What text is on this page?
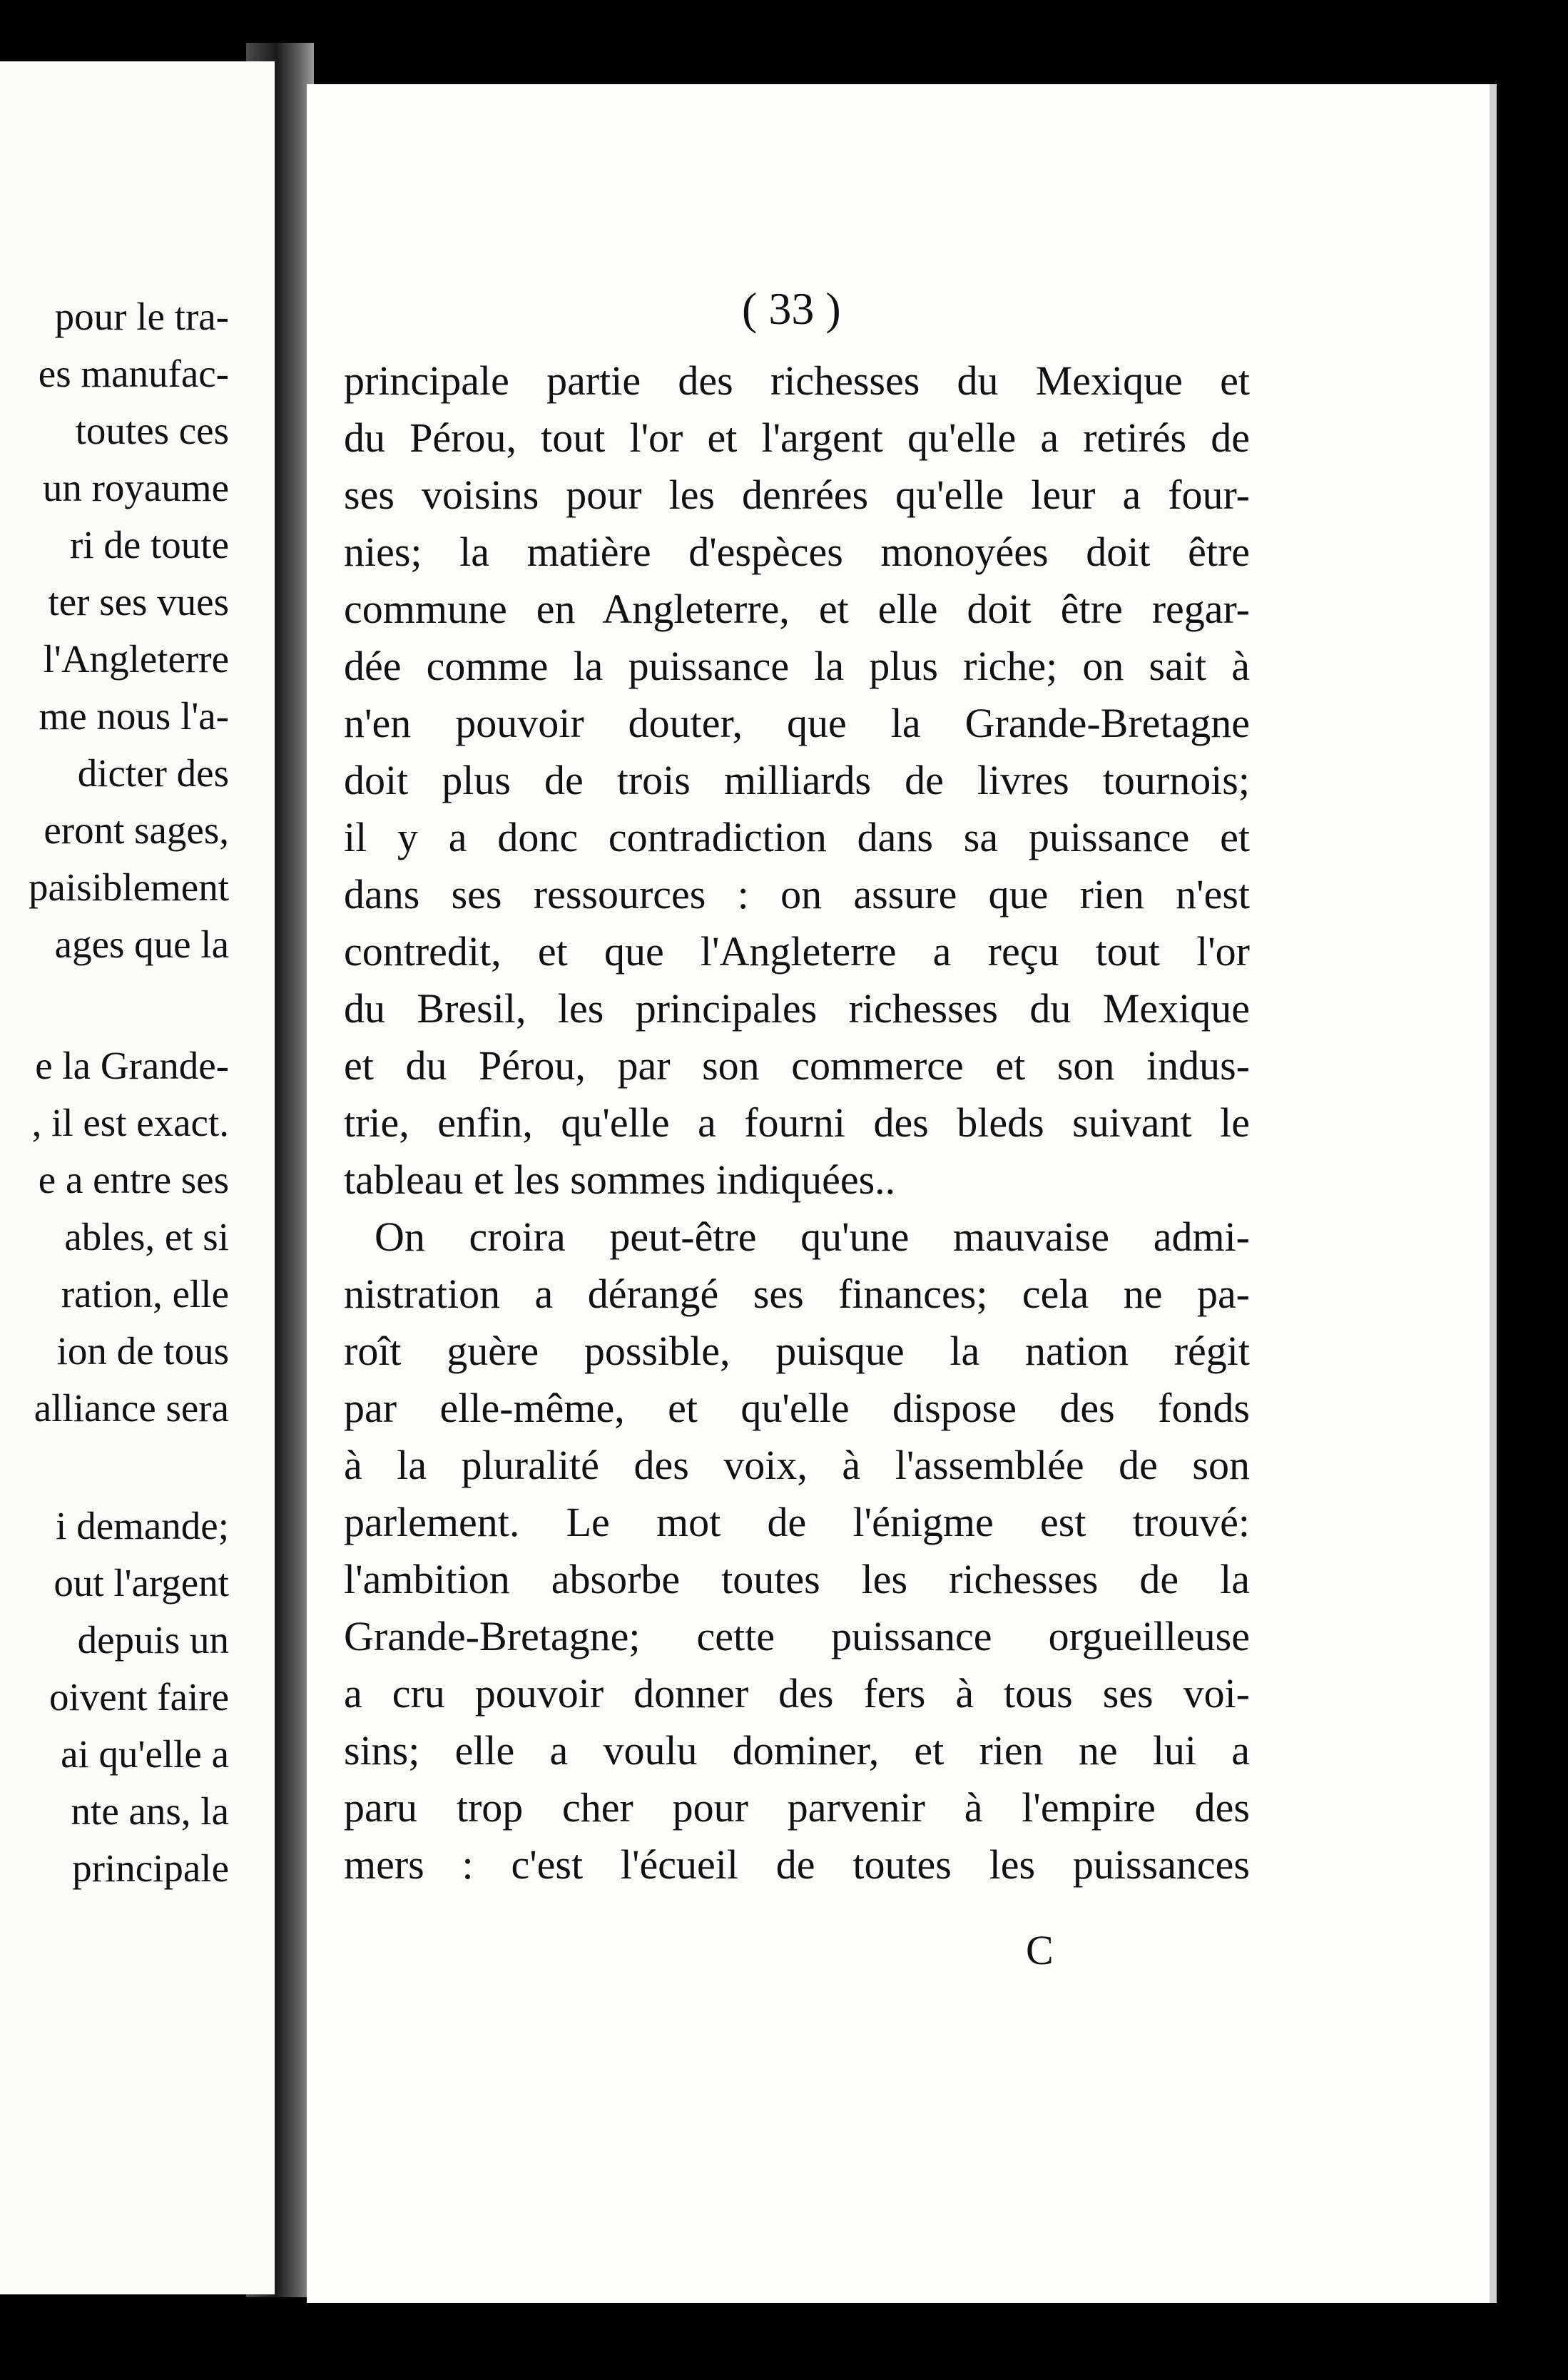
pour le tra-
es manufac-
toutes ces
un royaume
ri de toute
ter ses vues
l'Angleterre
me nous l'a-
dicter des
eront sages,
paisiblement
ages que la
e la Grande-
, il est exact.
e a entre ses
ables, et si
ration, elle
ion de tous
alliance sera
i demande;
out l'argent
depuis un
oivent faire
ai qu'elle a
nte ans, la
principale
( 33 )
principale partie des richesses du Mexique et
du Pérou, tout l'or et l'argent qu'elle a retirés de
ses voisins pour les denrées qu'elle leur a four-
nies; la matière d'espèces monoyées doit être
commune en Angleterre, et elle doit être regar-
dée comme la puissance la plus riche; on sait à
n'en pouvoir douter, que la Grande-Bretagne
doit plus de trois milliards de livres tournois;
il y a donc contradiction dans sa puissance et
dans ses ressources : on assure que rien n'est
contredit, et que l'Angleterre a reçu tout l'or
du Bresil, les principales richesses du Mexique
et du Pérou, par son commerce et son indus-
trie, enfin, qu'elle a fourni des bleds suivant le
tableau et les sommes indiquées..
On croira peut-être qu'une mauvaise admi-
nistration a dérangé ses finances; cela ne pa-
roît guère possible, puisque la nation régit
par elle-même, et qu'elle dispose des fonds
à la pluralité des voix, à l'assemblée de son
parlement. Le mot de l'énigme est trouvé:
l'ambition absorbe toutes les richesses de la
Grande-Bretagne; cette puissance orgueilleuse
a cru pouvoir donner des fers à tous ses voi-
sins; elle a voulu dominer, et rien ne lui a
paru trop cher pour parvenir à l'empire des
mers : c'est l'écueil de toutes les puissances
C
